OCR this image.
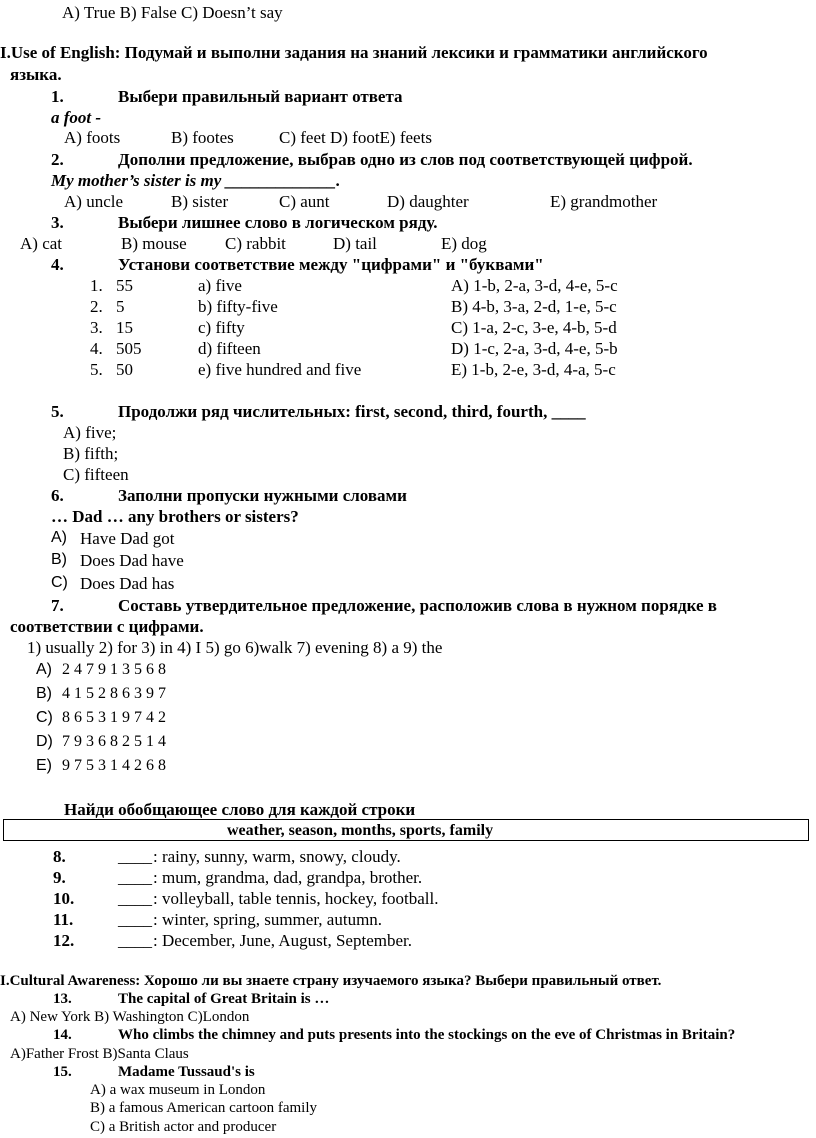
A) True B) False C) Doesn’t say
I.Use of English: Подумай и выполни задания на знаний лексики и грамматики английского
языка.
1.	Выбери правильный вариант ответа
a foot -
A) foots	B) footes	C) feet D) footE) feets
2.	Дополни предложение, выбрав одно из слов под соответствующей цифрой.
My mother’s sister is my _____________.
A) uncle	B) sister	C) aunt	D) daughter	E) grandmother
3.	Выбери лишнее слово в логическом ряду.
A) cat	B) mouse C) rabbit	D) tail	E) dog
4.	Установи соответствие между "цифрами" и "буквами"
1. 55	a) five	A) 1-b, 2-a, 3-d, 4-e, 5-c
2. 5	b) fifty-five	B) 4-b, 3-a, 2-d, 1-e, 5-c
3. 15	c) fifty	C) 1-a, 2-c, 3-e, 4-b, 5-d
4. 505	d) fifteen	D) 1-c, 2-a, 3-d, 4-e, 5-b
5. 50	e) five hundred and five	E) 1-b, 2-e, 3-d, 4-a, 5-c
5.	Продолжи ряд числительных: first, second, third, fourth, ____
A) five;
B) fifth;
C) fifteen
6.	Заполни пропуски нужными словами
… Dad … any brothers or sisters?
A) Have Dad got
B) Does Dad have
C) Does Dad has
7.	Составь утвердительное предложение, расположив слова в нужном порядке в
соответствии с цифрами.
1) usually 2) for 3) in 4) I 5) go 6)walk 7) evening 8) a 9) the
A) 2 4 7 9 1 3 5 6 8
B) 4 1 5 2 8 6 3 9 7
C) 8 6 5 3 1 9 7 4 2
D) 7 9 3 6 8 2 5 1 4
E) 9 7 5 3 1 4 2 6 8
Найди обобщающее слово для каждой строки
weather, season, months, sports, family
8.	____ : rainy, sunny, warm, snowy, cloudy.
9.	____ : mum, grandma, dad, grandpa, brother.
10.	____ : volleyball, table tennis, hockey, football.
11.	____ : winter, spring, summer, autumn.
12.	____ : December, June, August, September.
I.Cultural Awareness: Хорошо ли вы знаете страну изучаемого языка? Выбери правильный ответ.
13.	The capital of Great Britain is …
A) New York B) Washington C)London
14.	Who climbs the chimney and puts presents into the stockings on the eve of Christmas in Britain?
A)Father Frost B)Santa Claus
15.	Madame Tussaud's is
A) a wax museum in London
B) a famous American cartoon family
C) a British actor and producer
